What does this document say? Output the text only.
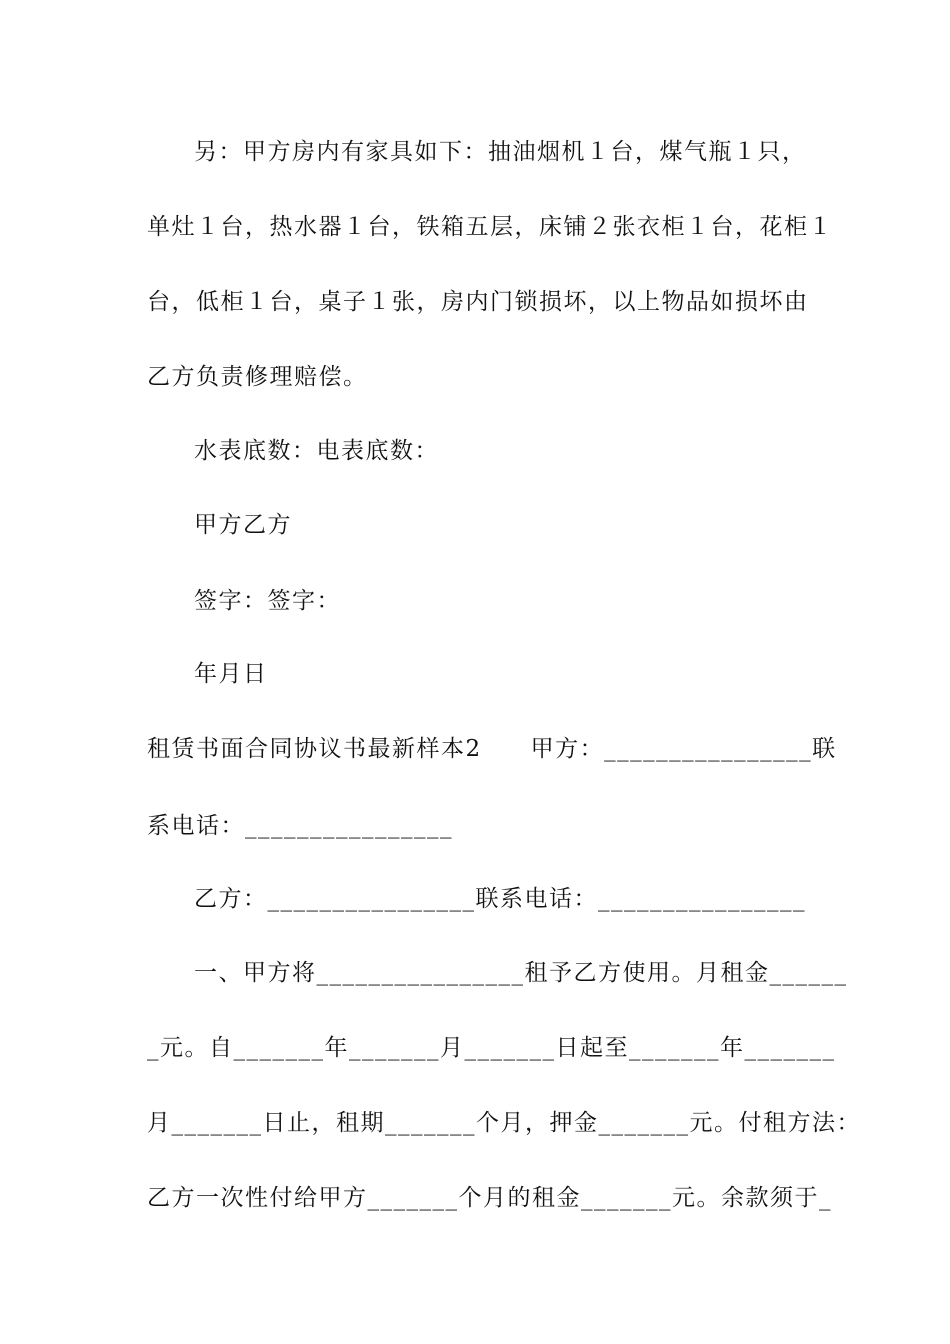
另：甲方房内有家具如下：抽油烟机１台，煤气瓶１只，
单灶１台，热水器１台，铁箱五层，床铺２张衣柜１台，花柜１
台，低柜１台，桌子１张，房内门锁损坏，以上物品如损坏由
乙方负责修理赔偿。
水表底数：电表底数：
甲方乙方
签字：签字：
年月日
租赁书面合同协议书最新样本2　　甲方：________________联
系电话：________________
乙方：________________联系电话：________________
一、甲方将________________租予乙方使用。月租金______
_元。自_______年_______月_______日起至_______年_______
月_______日止，租期_______个月，押金_______元。付租方法：
乙方一次性付给甲方_______个月的租金_______元。余款须于_
